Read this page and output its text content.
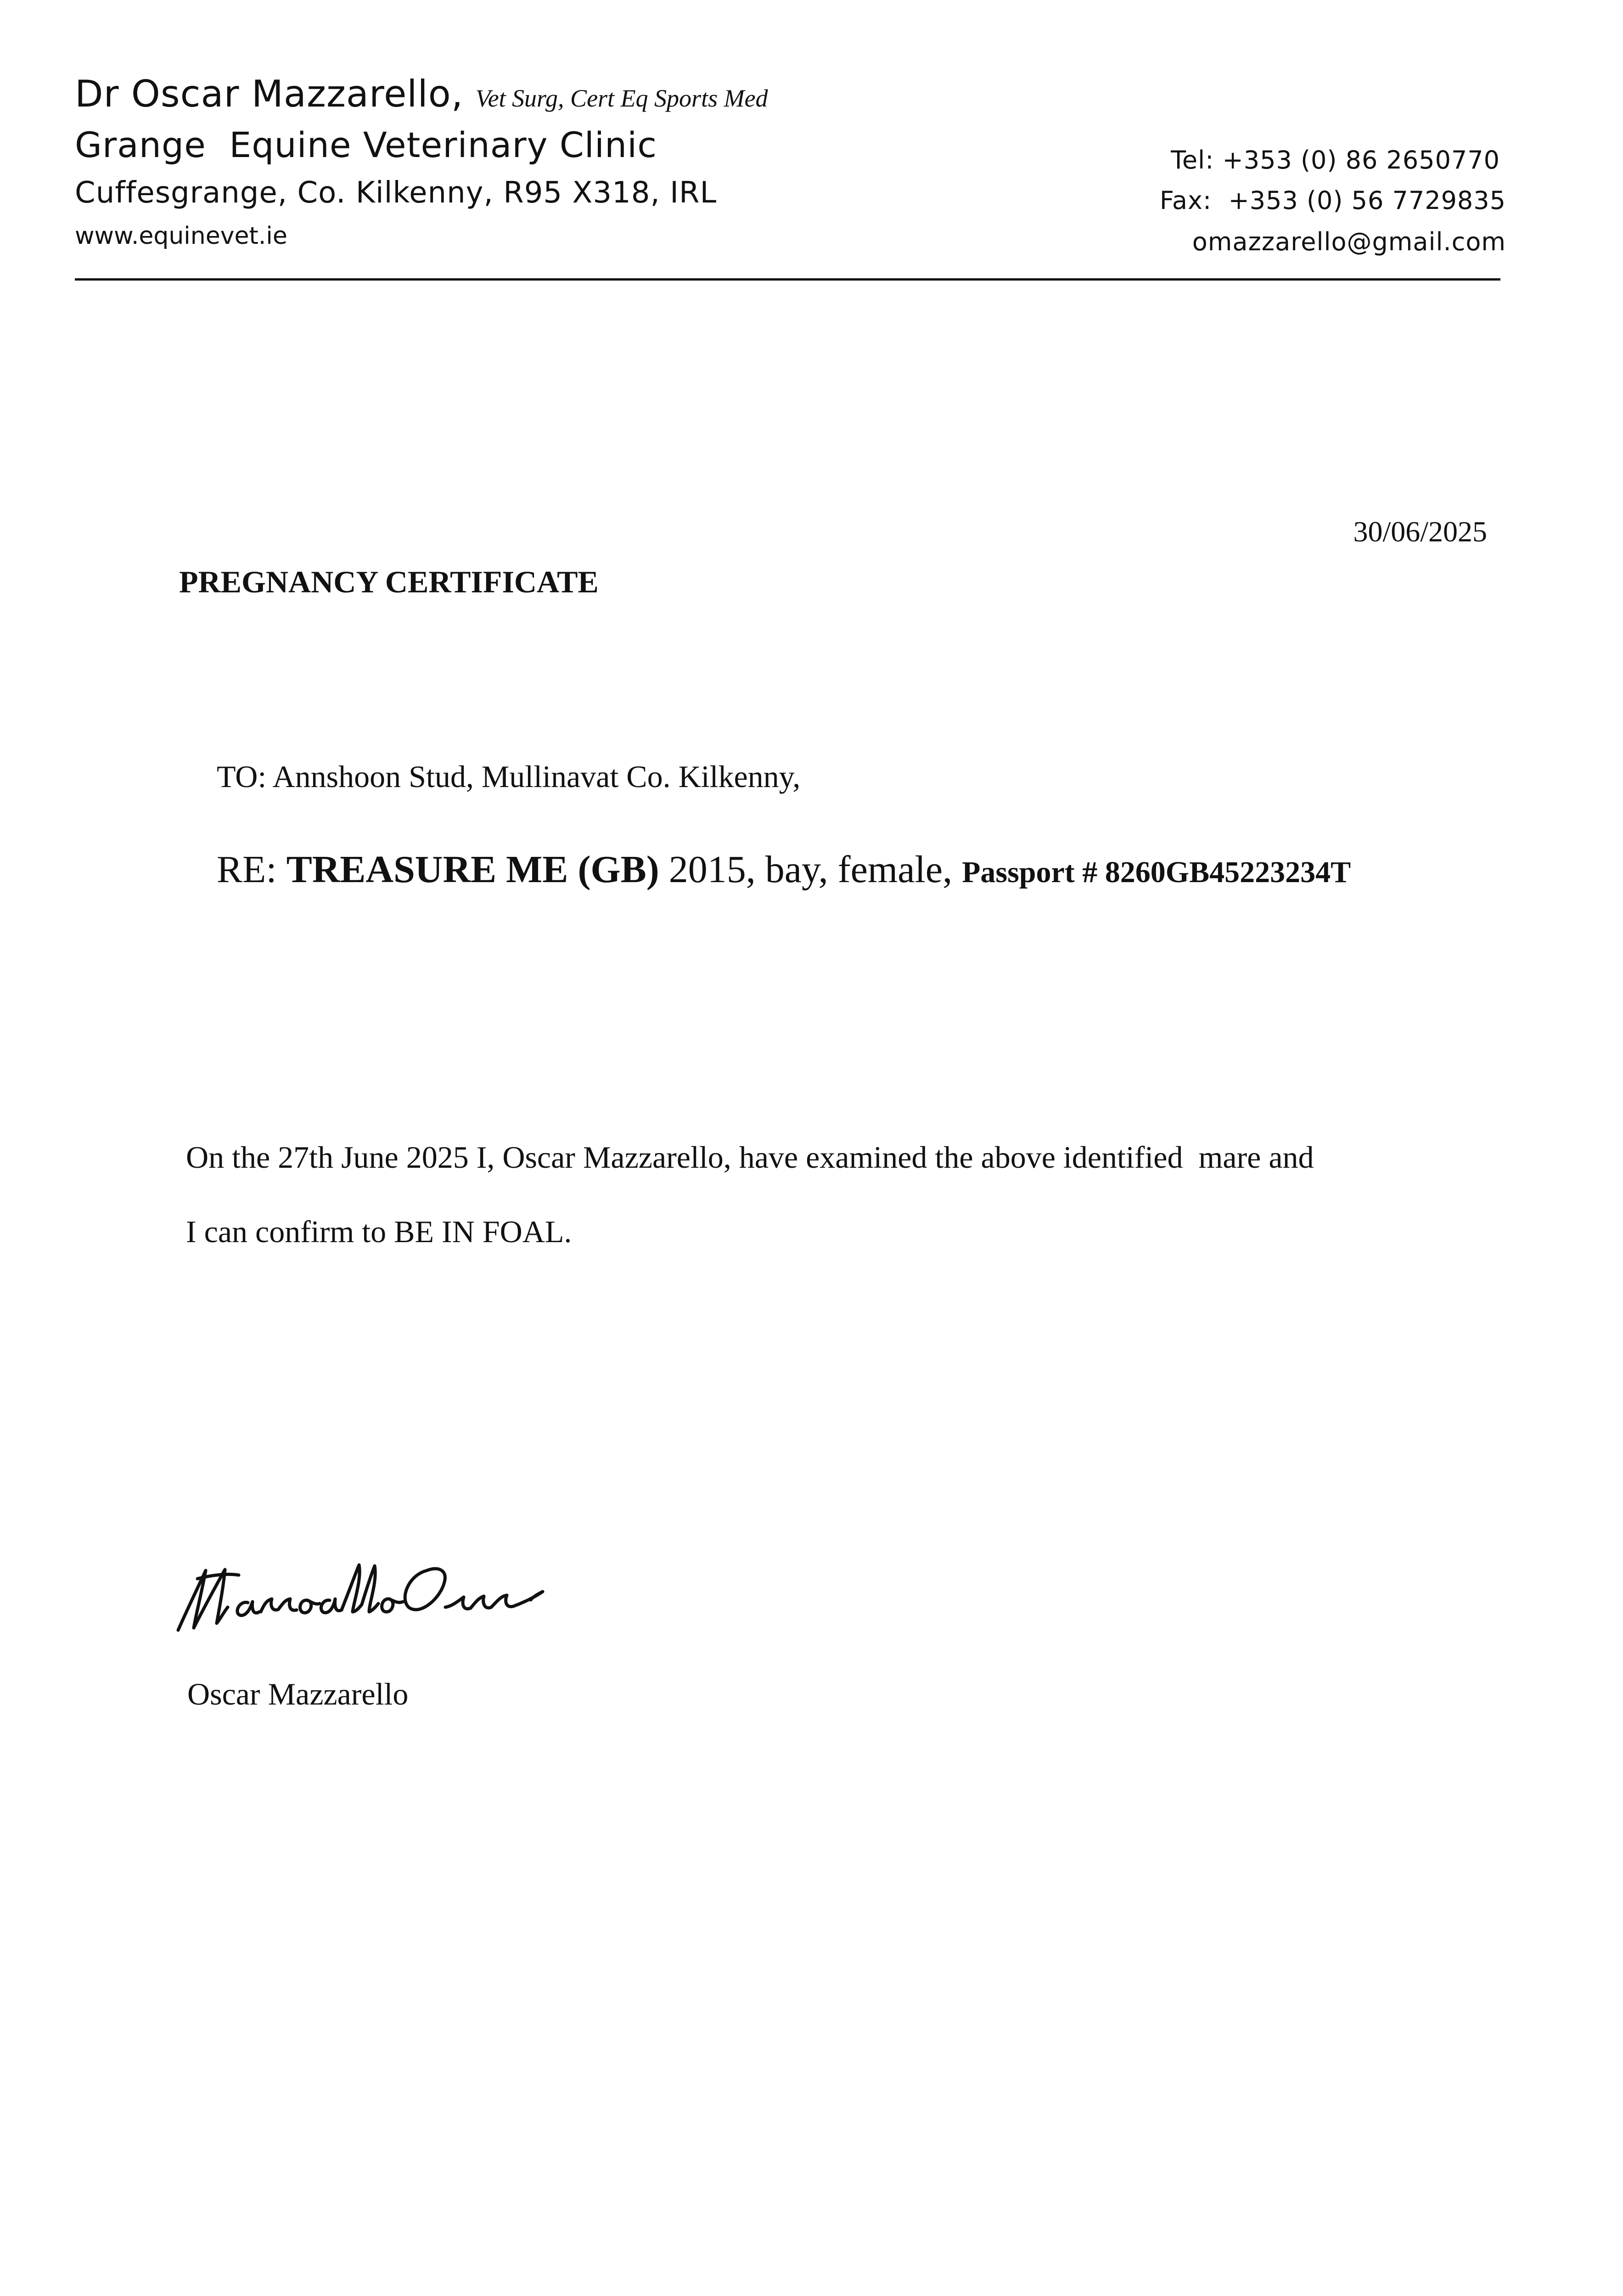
Dr Oscar Mazzarello, Vet Surg, Cert Eq Sports Med
Grange  Equine Veterinary Clinic
Cuffesgrange, Co. Kilkenny, R95 X318, IRL
www.equinevet.ie
Tel: +353 (0) 86 2650770
Fax:  +353 (0) 56 7729835
omazzarello@gmail.com
30/06/2025
PREGNANCY CERTIFICATE
TO: Annshoon Stud, Mullinavat Co. Kilkenny,
RE: TREASURE ME (GB) 2015, bay, female, Passport # 8260GB45223234T
On the 27th June 2025 I, Oscar Mazzarello, have examined the above identified  mare and
I can confirm to BE IN FOAL.
Oscar Mazzarello
